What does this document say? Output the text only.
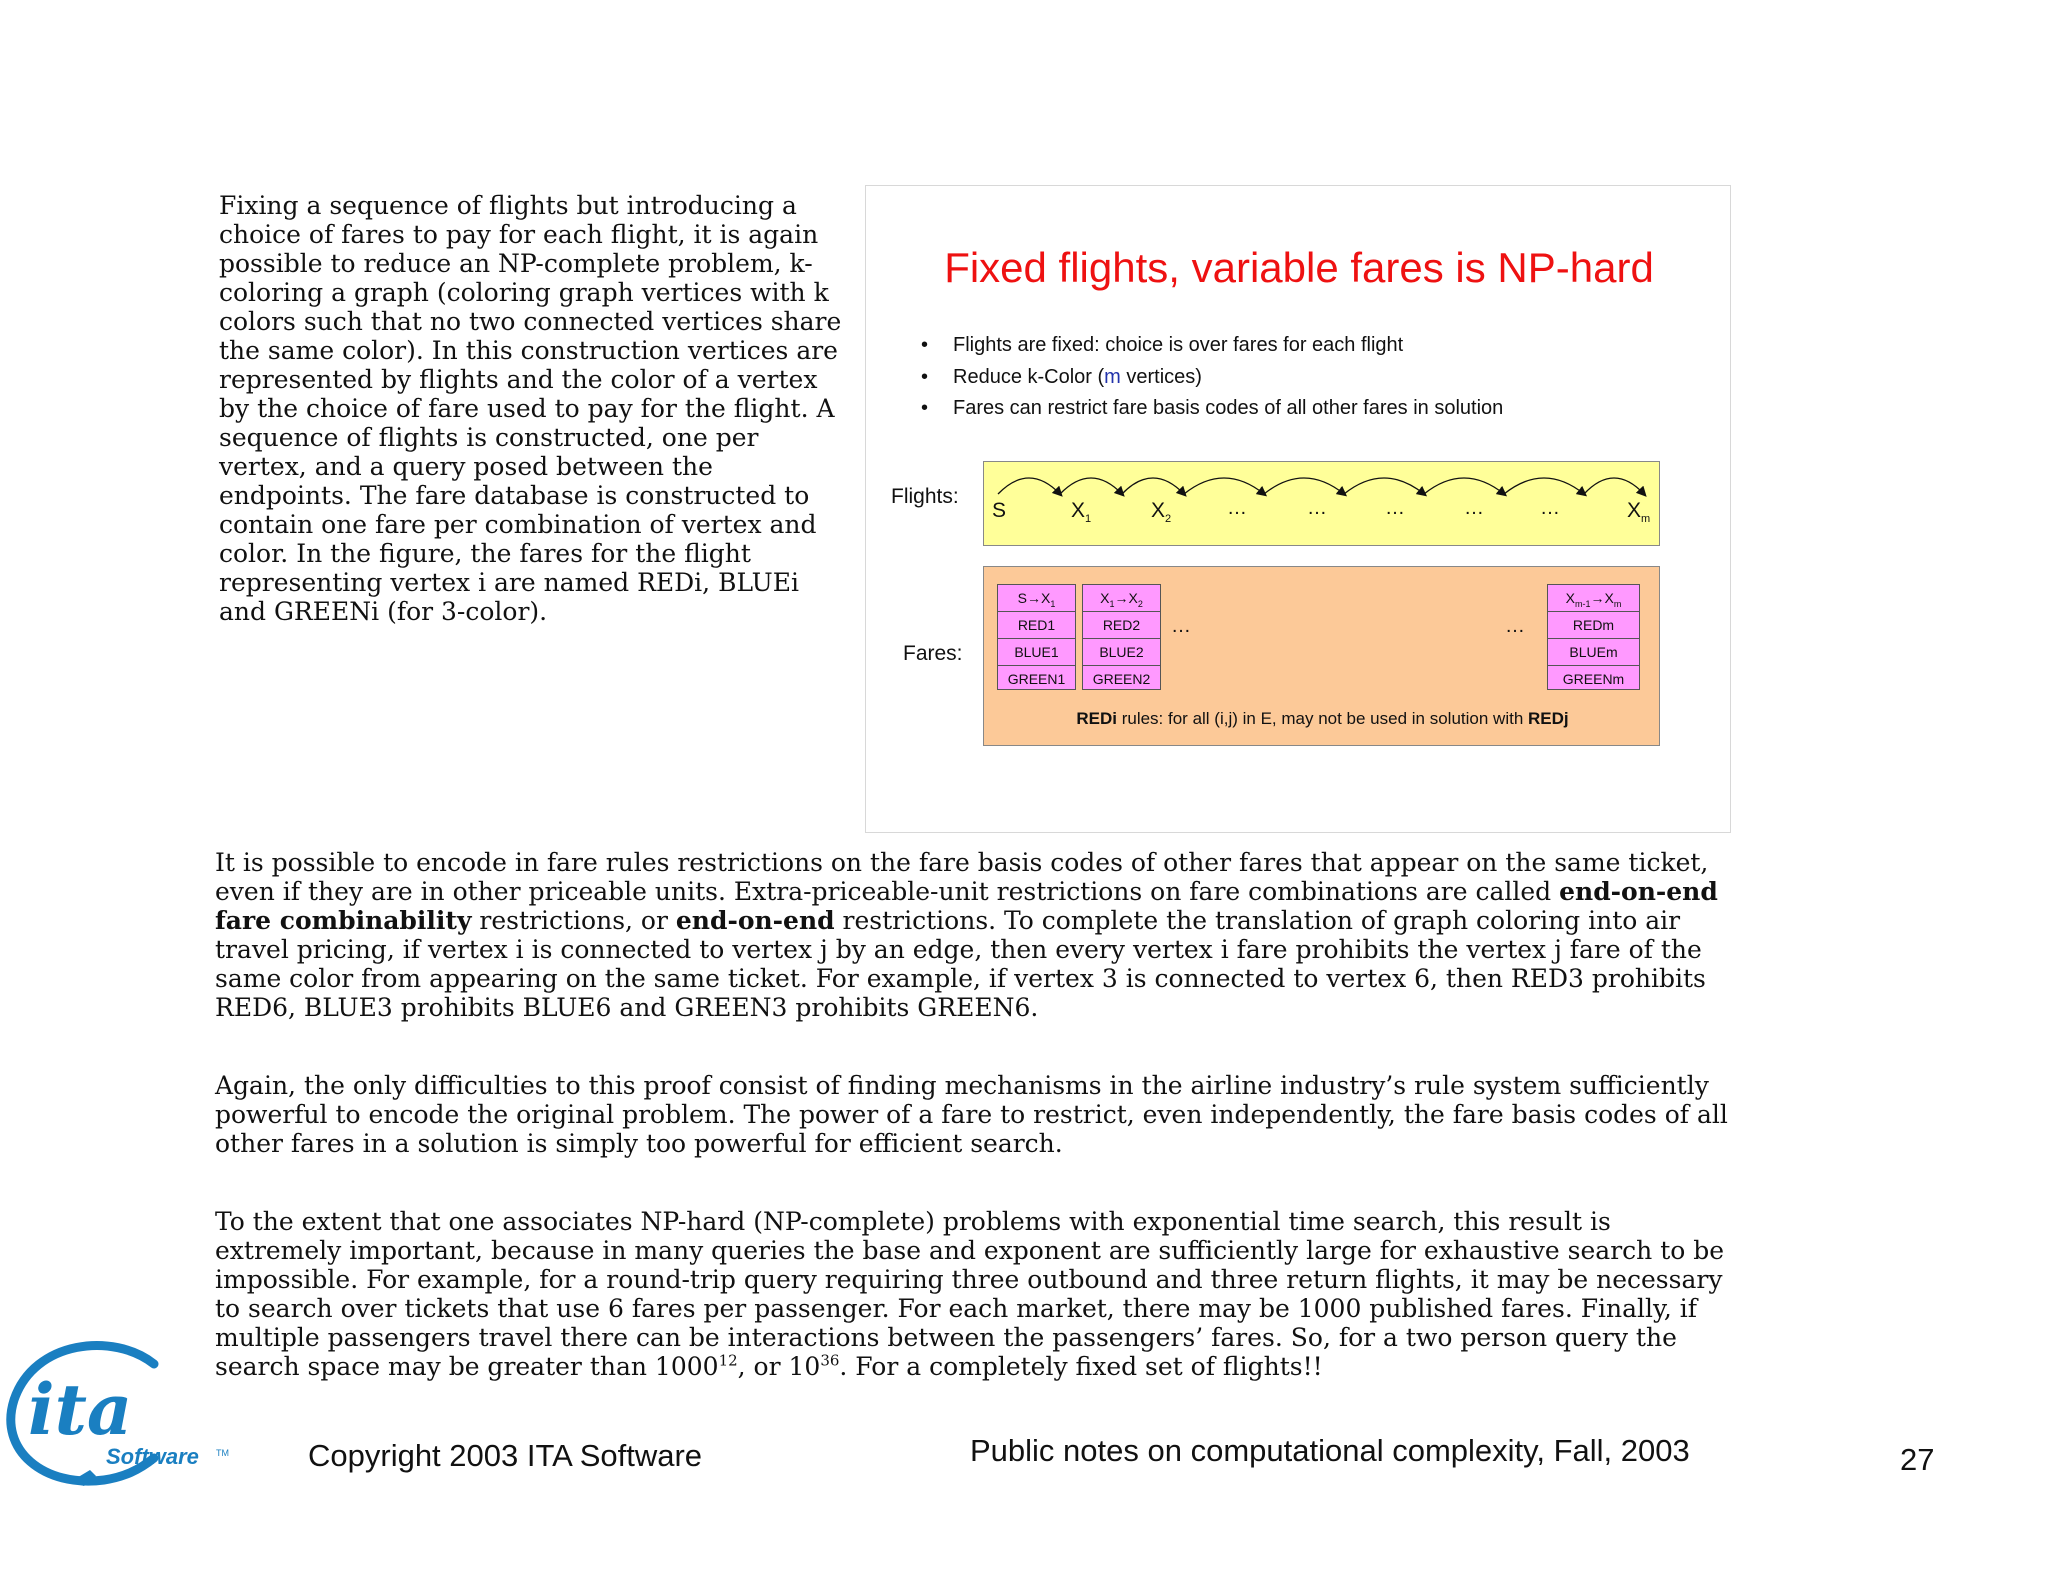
Fixing a sequence of flights but introducing a choice of fares to pay for each flight, it is again possible to reduce an NP-complete problem, k-coloring a graph (coloring graph vertices with k colors such that no two connected vertices share the same color). In this construction vertices are represented by flights and the color of a vertex by the choice of fare used to pay for the flight. A sequence of flights is constructed, one per vertex, and a query posed between the endpoints. The fare database is constructed to contain one fare per combination of vertex and color. In the figure, the fares for the flight representing vertex i are named REDi, BLUEi and GREENi (for 3-color).

Fixed flights, variable fares is NP-hard
• Flights are fixed: choice is over fares for each flight
• Reduce k-Color (m vertices)
• Fares can restrict fare basis codes of all other fares in solution
Flights:
Fares:
S	$X_1$	$X_2$
…	…	…	…	…	$X_m$
$S\to X_1$
RED1
BLUE1
GREEN1
$X_1\to X_2$
RED2
BLUE2
GREEN2
…	…
$X_{m-1}\to X_m$
REDm
BLUEm
GREENm
REDi rules: for all (i,j) in E, may not be used in solution with REDj

It is possible to encode in fare rules restrictions on the fare basis codes of other fares that appear on the same ticket, even if they are in other priceable units. Extra-priceable-unit restrictions on fare combinations are called end-on-end fare combinability restrictions, or end-on-end restrictions. To complete the translation of graph coloring into air travel pricing, if vertex i is connected to vertex j by an edge, then every vertex i fare prohibits the vertex j fare of the same color from appearing on the same ticket. For example, if vertex 3 is connected to vertex 6, then RED3 prohibits RED6, BLUE3 prohibits BLUE6 and GREEN3 prohibits GREEN6.

Again, the only difficulties to this proof consist of finding mechanisms in the airline industry’s rule system sufficiently powerful to encode the original problem. The power of a fare to restrict, even independently, the fare basis codes of all other fares in a solution is simply too powerful for efficient search.

To the extent that one associates NP-hard (NP-complete) problems with exponential time search, this result is extremely important, because in many queries the base and exponent are sufficiently large for exhaustive search to be impossible. For example, for a round-trip query requiring three outbound and three return flights, it may be necessary to search over tickets that use 6 fares per passenger. For each market, there may be 1000 published fares. Finally, if multiple passengers travel there can be interactions between the passengers’ fares. So, for a two person query the search space may be greater than 1000$^{12}$, or $10^{36}$. For a completely fixed set of flights!!

ita
Software TM	Copyright 2003 ITA Software	Public notes on computational complexity, Fall, 2003	27
